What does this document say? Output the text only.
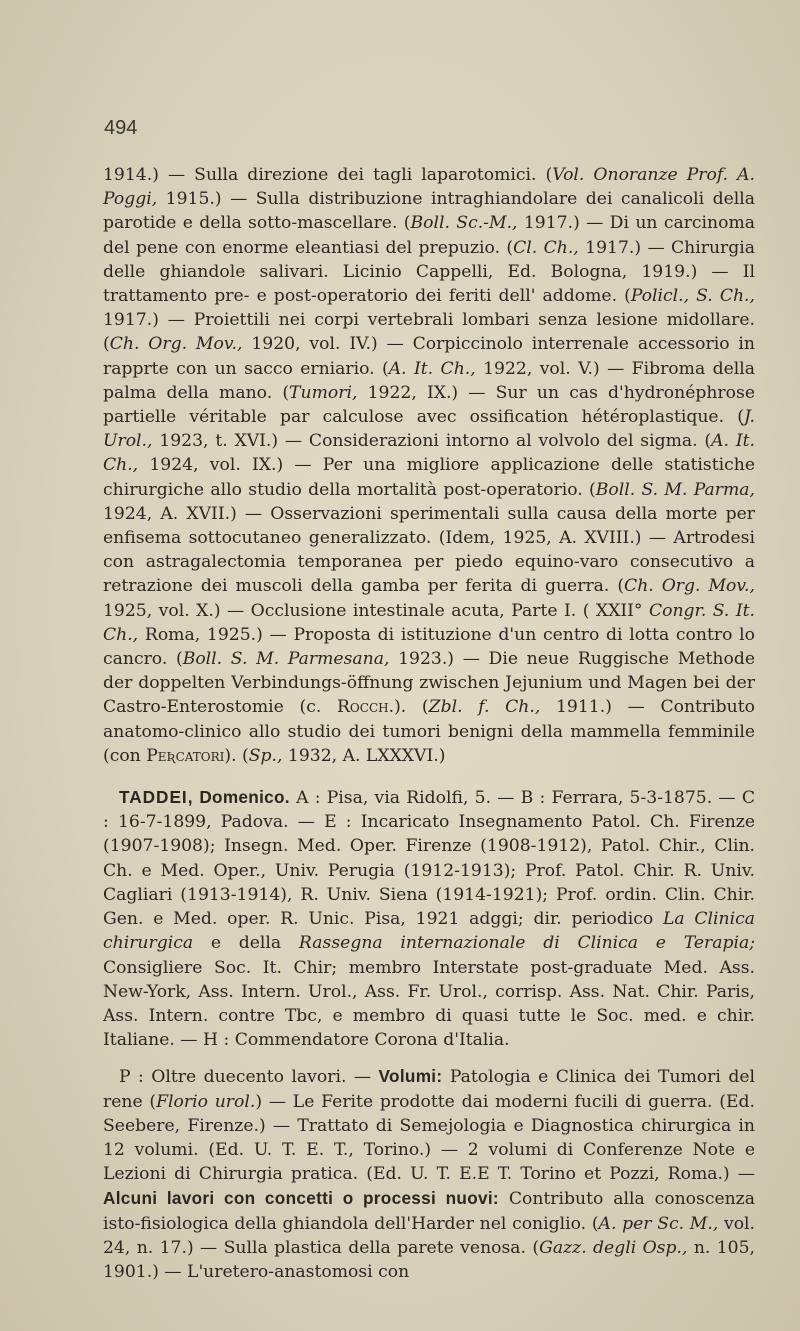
494

1914.) — Sulla direzione dei tagli laparotomici. (Vol. Onoranze Prof. A. Poggi, 1915.) — Sulla distribuzione intraghiandolare dei canalicoli della parotide e della sotto-mascellare. (Boll. Sc.-M., 1917.) — Di un carcinoma del pene con enorme eleantiasi del prepuzio. (Cl. Ch., 1917.) — Chirurgia delle ghiandole salivari. Licinio Cappelli, Ed. Bologna, 1919.) — Il trattamento pre- e post-operatorio dei feriti dell' addome. (Policl., S. Ch., 1917.) — Proiettili nei corpi vertebrali lombari senza lesione midollare. (Ch. Org. Mov., 1920, vol. IV.) — Corpiccinolo interrenale accessorio in rapprte con un sacco erniario. (A. It. Ch., 1922, vol. V.) — Fibroma della palma della mano. (Tumori, 1922, IX.) — Sur un cas d'hydronéphrose partielle véritable par calculose avec ossification hétéroplastique. (J. Urol., 1923, t. XVI.) — Considerazioni intorno al volvolo del sigma. (A. It. Ch., 1924, vol. IX.) — Per una migliore applicazione delle statistiche chirurgiche allo studio della mortalità post-operatorio. (Boll. S. M. Parma, 1924, A. XVII.) — Osservazioni sperimentali sulla causa della morte per enfisema sottocutaneo generalizzato. (Idem, 1925, A. XVIII.) — Artrodesi con astragalectomia temporanea per piedo equino-varo consecutivo a retrazione dei muscoli della gamba per ferita di guerra. (Ch. Org. Mov., 1925, vol. X.) — Occlusione intestinale acuta, Parte I. ( XXII° Congr. S. It. Ch., Roma, 1925.) — Proposta di istituzione d'un centro di lotta contro lo cancro. (Boll. S. M. Parmesana, 1923.) — Die neue Ruggische Methode der doppelten Verbindungs-öffnung zwischen Jejunium und Magen bei der Castro-Enterostomie (c. Rocch.). (Zbl. f. Ch., 1911.) — Contributo anatomo-clinico allo studio dei tumori benigni della mammella femminile (con Peʀcatori). (Sp., 1932, A. LXXXVI.)

TADDEI, Domenico. A : Pisa, via Ridolfi, 5. — B : Ferrara, 5-3-1875. — C : 16-7-1899, Padova. — E : Incaricato Insegnamento Patol. Ch. Firenze (1907-1908); Insegn. Med. Oper. Firenze (1908-1912), Patol. Chir., Clin. Ch. e Med. Oper., Univ. Perugia (1912-1913); Prof. Patol. Chir. R. Univ. Cagliari (1913-1914), R. Univ. Siena (1914-1921); Prof. ordin. Clin. Chir. Gen. e Med. oper. R. Unic. Pisa, 1921 adggi; dir. periodico La Clinica chirurgica e della Rassegna internazionale di Clinica e Terapia; Consigliere Soc. It. Chir; membro Interstate post-graduate Med. Ass. New-York, Ass. Intern. Urol., Ass. Fr. Urol., corrisp. Ass. Nat. Chir. Paris, Ass. Intern. contre Tbc, e membro di quasi tutte le Soc. med. e chir. Italiane. — H : Commendatore Corona d'Italia.

P : Oltre duecento lavori. — Volumi: Patologia e Clinica dei Tumori del rene (Florio urol.) — Le Ferite prodotte dai moderni fucili di guerra. (Ed. Seebere, Firenze.) — Trattato di Semejologia e Diagnostica chirurgica in 12 volumi. (Ed. U. T. E. T., Torino.) — 2 volumi di Conferenze Note e Lezioni di Chirurgia pratica. (Ed. U. T. E.E T. Torino et Pozzi, Roma.) — Alcuni lavori con concetti o processi nuovi: Contributo alla conoscenza isto-fisiologica della ghiandola dell'Harder nel coniglio. (A. per Sc. M., vol. 24, n. 17.) — Sulla plastica della parete venosa. (Gazz. degli Osp., n. 105, 1901.) — L'uretero-anastomosi con
